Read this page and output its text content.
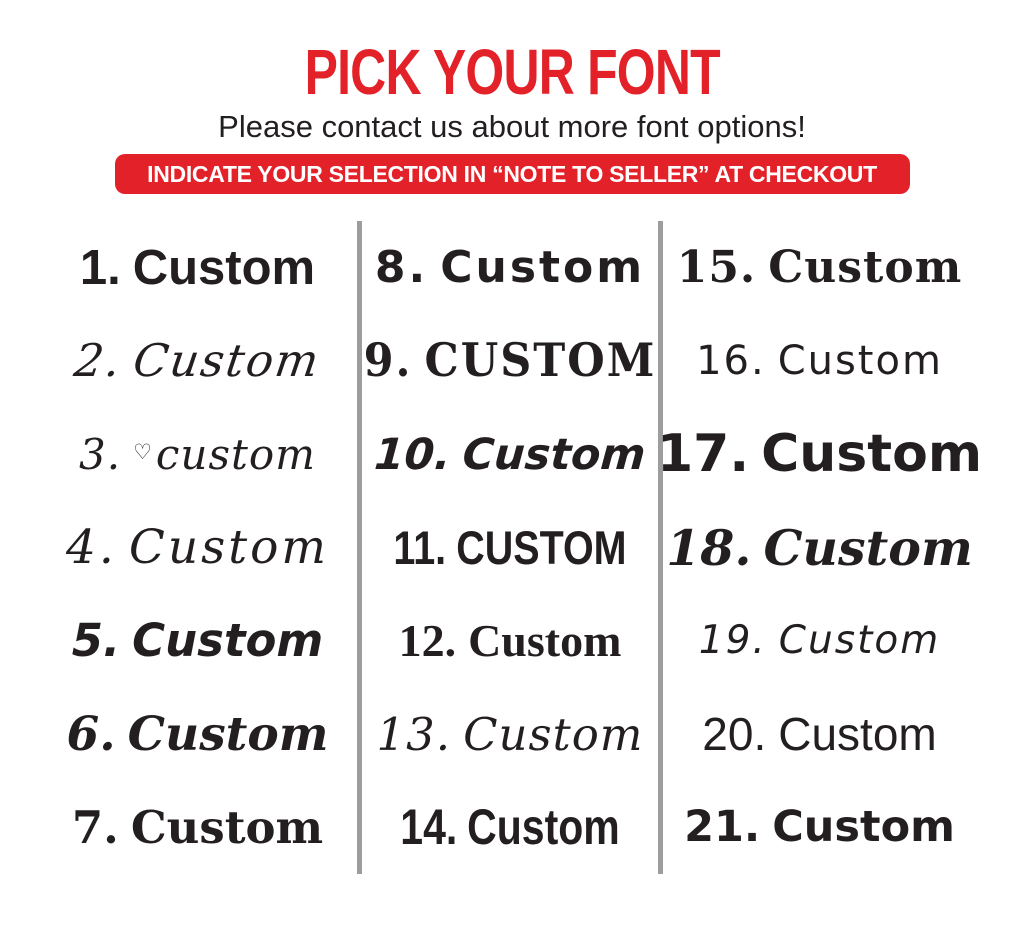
PICK YOUR FONT

Please contact us about more font options!

INDICATE YOUR SELECTION IN “NOTE TO SELLER” AT CHECKOUT
1. Custom
2. Custom
3. ♡ custom
4. Custom
5. Custom
6. Custom
7. Custom
8. Custom
9. CUSTOM
10. Custom
11. CUSTOM
12. Custom
13. Custom
14. Custom
15. Custom
16. Custom
17. Custom
18. Custom
19. Custom
20. Custom
21. Custom
